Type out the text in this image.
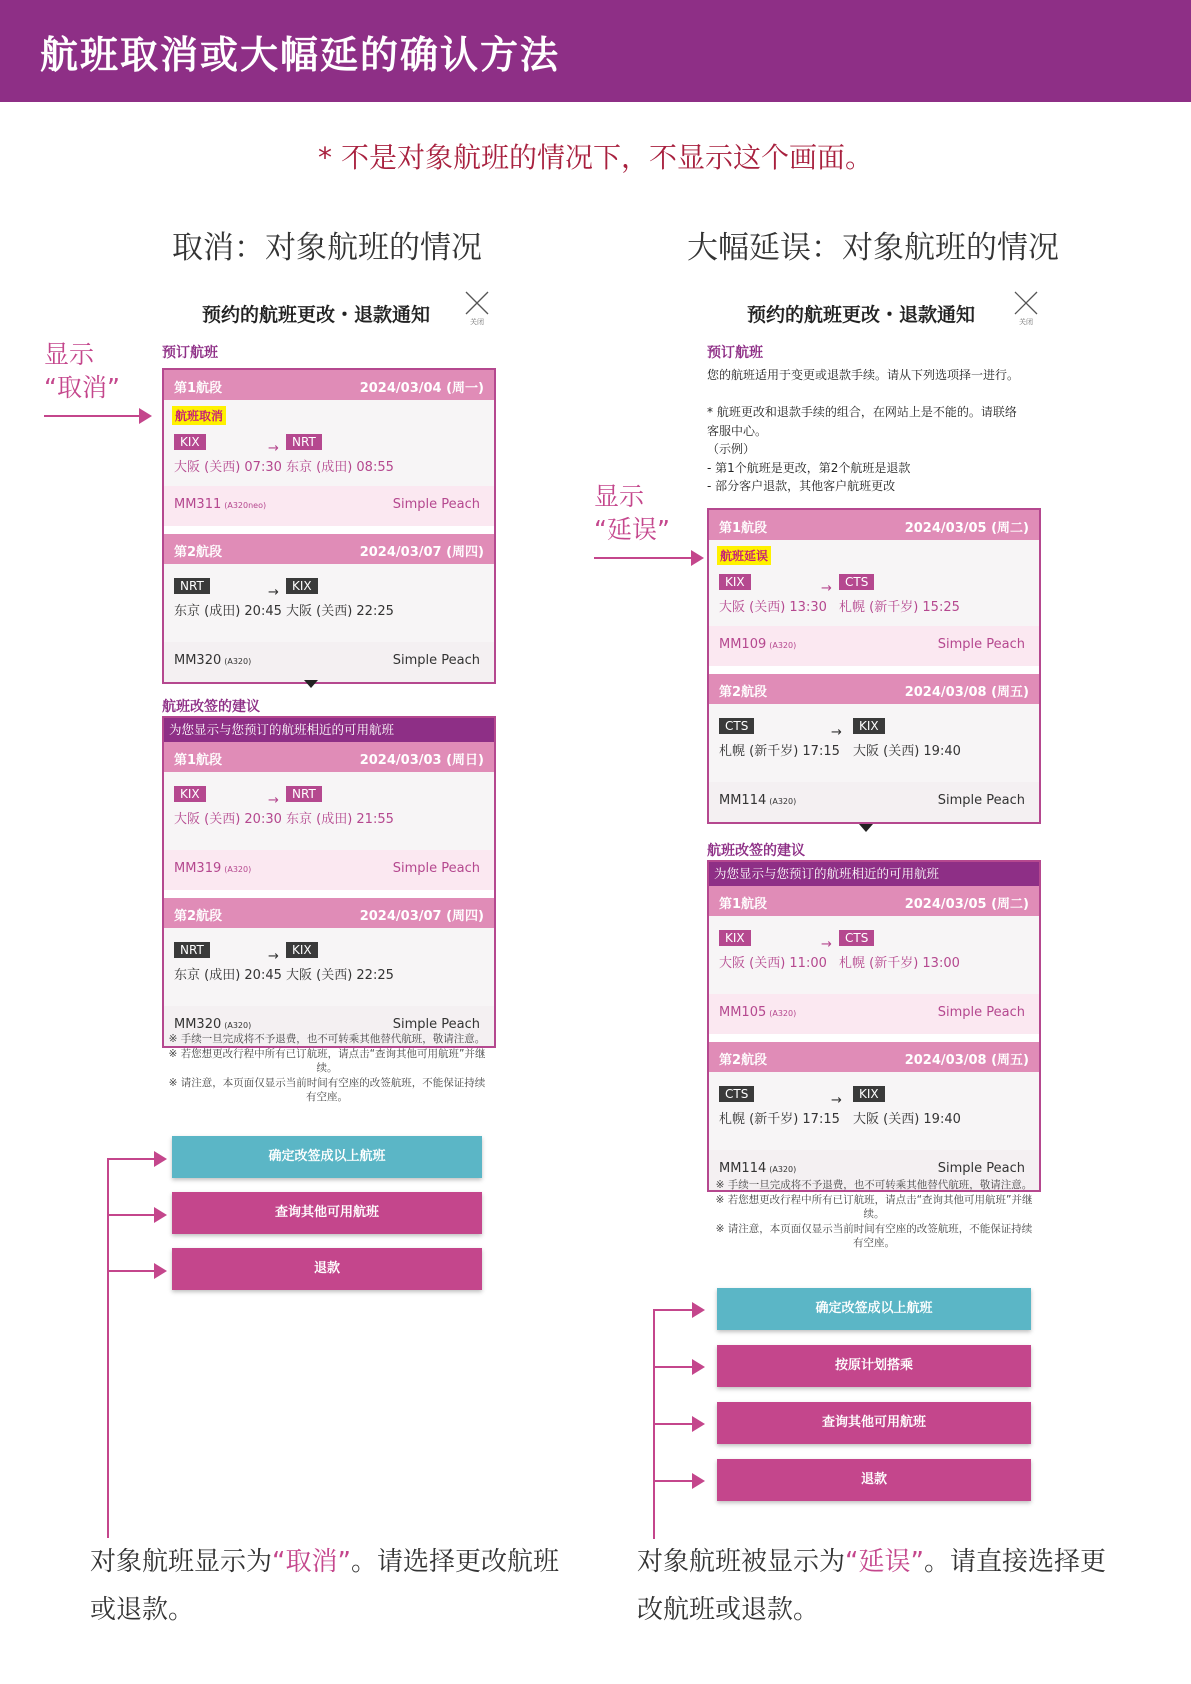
航班取消或大幅延的确认方法
* 不是对象航班的情况下，不显示这个画面。
取消：对象航班的情况	大幅延误：对象航班的情况
显示
“取消”
显示
“延误”
预约的航班更改・退款通知	关闭
预订航班
第1航段	2024/03/04 (周一)
航班取消
KIX
大阪 (关西) 07:30
→	NRT
东京 (成田) 08:55
MM311 (A320neo)	Simple Peach
第2航段	2024/03/07 (周四)
NRT
东京 (成田) 20:45
→	KIX
大阪 (关西) 22:25
MM320 (A320)	Simple Peach
航班改签的建议
为您显示与您预订的航班相近的可用航班
第1航段	2024/03/03 (周日)
KIX
大阪 (关西) 20:30
→	NRT
东京 (成田) 21:55
MM319 (A320)	Simple Peach
第2航段	2024/03/07 (周四)
NRT
东京 (成田) 20:45
→	KIX
大阪 (关西) 22:25
MM320 (A320)	Simple Peach

※ 手续一旦完成将不予退费，也不可转乘其他替代航班，敬请注意。

※ 若您想更改行程中所有已订航班，请点击“查询其他可用航班”并继续。

※ 请注意，本页面仅显示当前时间有空座的改签航班，不能保证持续有空座。

确定改签成以上航班
查询其他可用航班
退款
预约的航班更改・退款通知	关闭
预订航班
您的航班适用于变更或退款手续。请从下列选项择一进行。
* 航班更改和退款手续的组合，在网站上是不能的。请联络
客服中心。
（示例）
- 第1个航班是更改，第2个航班是退款
- 部分客户退款，其他客户航班更改
第1航段	2024/03/05 (周二)
航班延误
KIX
大阪 (关西) 13:30
→	CTS
札幌 (新千岁) 15:25
MM109 (A320)	Simple Peach
第2航段	2024/03/08 (周五)
CTS
札幌 (新千岁) 17:15
→	KIX
大阪 (关西) 19:40
MM114 (A320)	Simple Peach
航班改签的建议
为您显示与您预订的航班相近的可用航班
第1航段	2024/03/05 (周二)
KIX
大阪 (关西) 11:00
→	CTS
札幌 (新千岁) 13:00
MM105 (A320)	Simple Peach
第2航段	2024/03/08 (周五)
CTS
札幌 (新千岁) 17:15
→	KIX
大阪 (关西) 19:40
MM114 (A320)	Simple Peach

※ 手续一旦完成将不予退费，也不可转乘其他替代航班，敬请注意。

※ 若您想更改行程中所有已订航班，请点击“查询其他可用航班”并继续。

※ 请注意，本页面仅显示当前时间有空座的改签航班，不能保证持续有空座。

确定改签成以上航班
按原计划搭乘
查询其他可用航班
退款
对象航班显示为“取消”。请选择更改航班或退款。
对象航班被显示为“延误”。请直接选择更改航班或退款。
